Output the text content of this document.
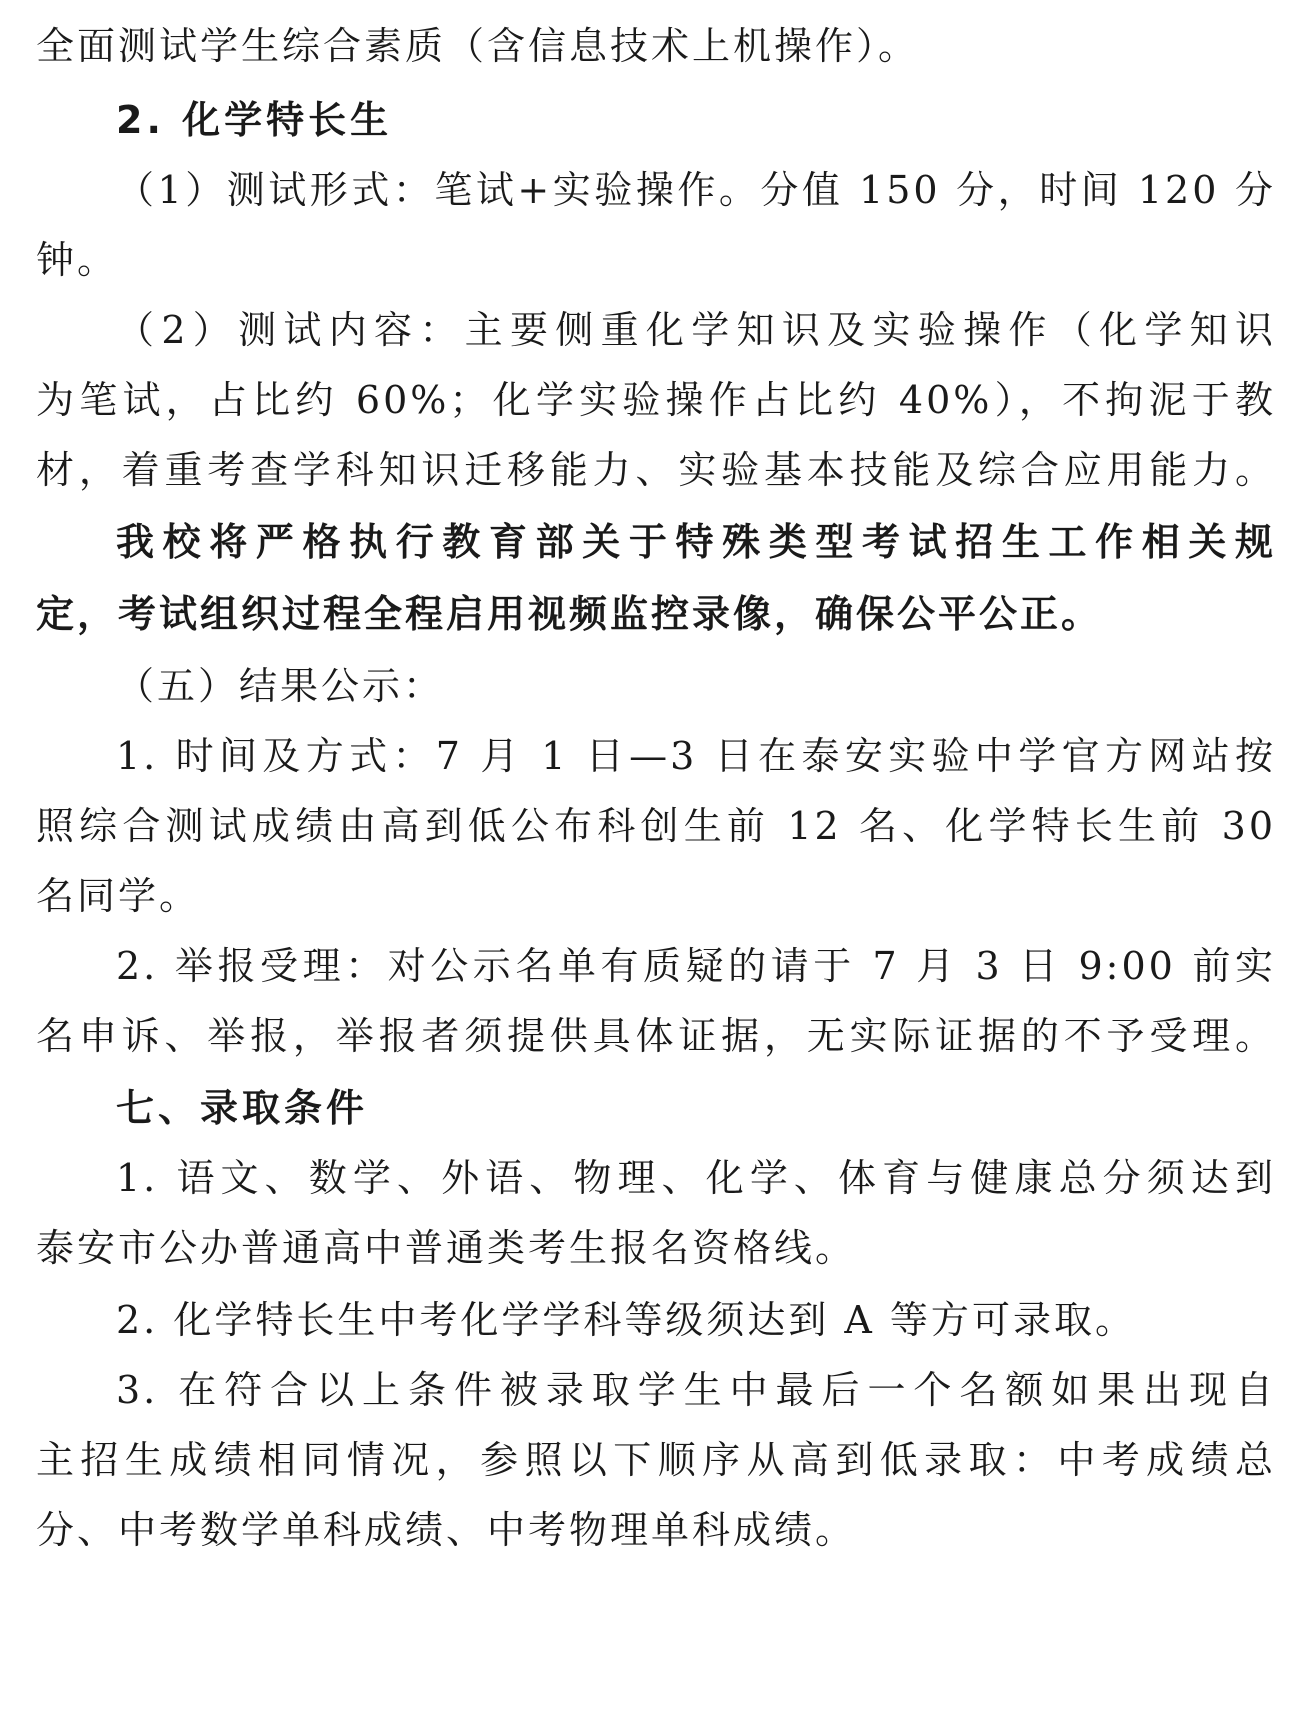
全面测试学生综合素质（含信息技术上机操作）。
2. 化学特长生
（1）测试形式：笔试+实验操作。分值 150 分，时间 120 分
钟。
（2）测试内容：主要侧重化学知识及实验操作（化学知识
为笔试，占比约 60%；化学实验操作占比约 40%），不拘泥于教
材，着重考查学科知识迁移能力、实验基本技能及综合应用能力。
我校将严格执行教育部关于特殊类型考试招生工作相关规
定，考试组织过程全程启用视频监控录像，确保公平公正。
（五）结果公示：
1. 时间及方式：7 月 1 日—3 日在泰安实验中学官方网站按
照综合测试成绩由高到低公布科创生前 12 名、化学特长生前 30
名同学。
2. 举报受理：对公示名单有质疑的请于 7 月 3 日 9:00 前实
名申诉、举报，举报者须提供具体证据，无实际证据的不予受理。
七、录取条件
1. 语文、数学、外语、物理、化学、体育与健康总分须达到
泰安市公办普通高中普通类考生报名资格线。
2. 化学特长生中考化学学科等级须达到 A 等方可录取。
3. 在符合以上条件被录取学生中最后一个名额如果出现自
主招生成绩相同情况，参照以下顺序从高到低录取：中考成绩总
分、中考数学单科成绩、中考物理单科成绩。
